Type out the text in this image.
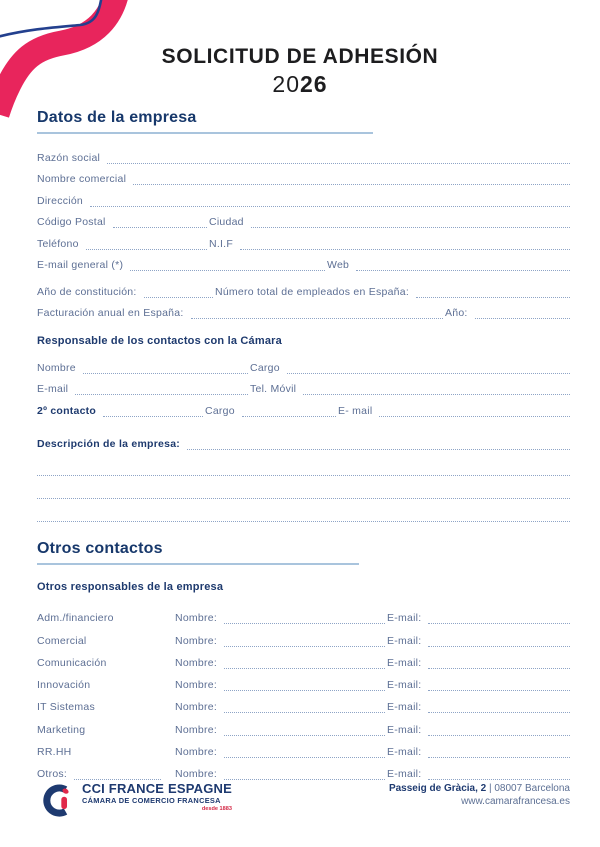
SOLICITUD DE ADHESIÓN
2026
Datos de la empresa
Razón social
Nombre comercial
Dirección
Código Postal	Ciudad
Teléfono	N.I.F
E-mail general (*)	Web
Año de constitución:	Número total de empleados en España:
Facturación anual en España:	Año:
Responsable de los contactos con la Cámara
Nombre	Cargo
E-mail	Tel. Móvil
2º contacto	Cargo	E- mail
Descripción de la empresa:
Otros contactos
Otros responsables de la empresa
Adm./financiero	Nombre:	E-mail:
Comercial	Nombre:	E-mail:
Comunicación	Nombre:	E-mail:
Innovación	Nombre:	E-mail:
IT Sistemas	Nombre:	E-mail:
Marketing	Nombre:	E-mail:
RR.HH	Nombre:	E-mail:
Otros:	Nombre:	E-mail:
CCI FRANCE ESPAGNE
CÁMARA DE COMERCIO FRANCESA
desde 1883
Passeig de Gràcia, 2 | 08007 Barcelona
www.camarafrancesa.es
